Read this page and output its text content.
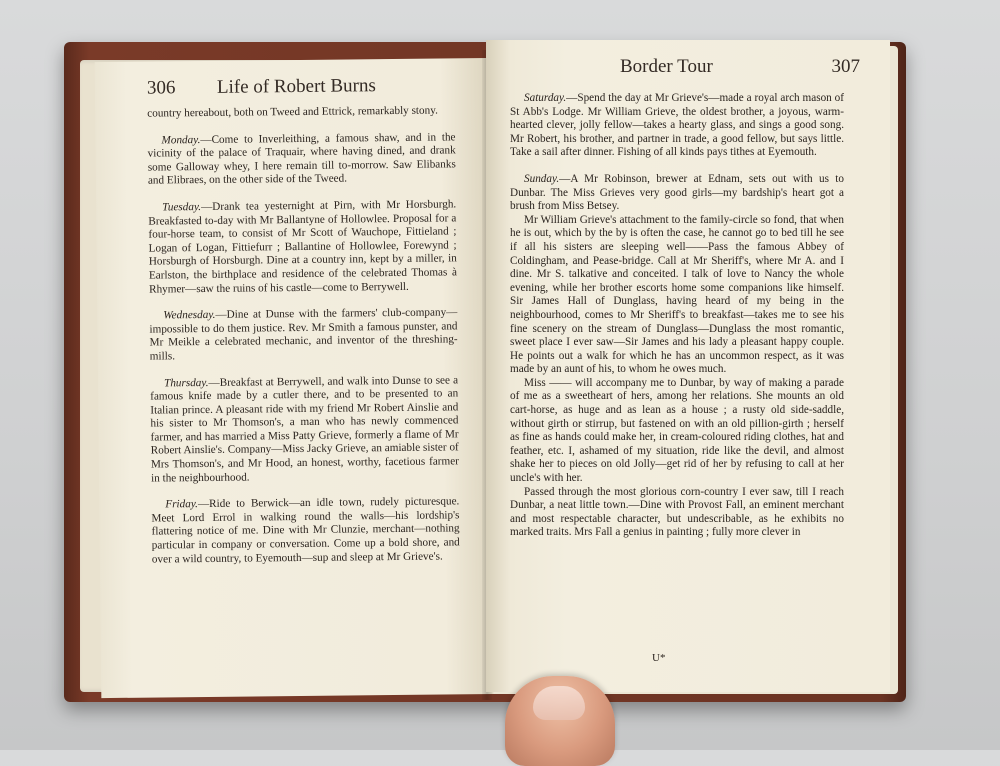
306 Life of Robert Burns

country hereabout, both on Tweed and Ettrick, remarkably stony.

Monday.—Come to Inverleithing, a famous shaw, and in the vicinity of the palace of Traquair, where having dined, and drank some Galloway whey, I here remain till to-morrow. Saw Elibanks and Elibraes, on the other side of the Tweed.

Tuesday.—Drank tea yesternight at Pirn, with Mr Horsburgh. Breakfasted to-day with Mr Ballantyne of Hollowlee. Proposal for a four-horse team, to consist of Mr Scott of Wauchope, Fittieland ; Logan of Logan, Fittiefurr ; Ballantine of Hollowlee, Forewynd ; Horsburgh of Horsburgh. Dine at a country inn, kept by a miller, in Earlston, the birthplace and residence of the celebrated Thomas à Rhymer—saw the ruins of his castle—come to Berrywell.

Wednesday.—Dine at Dunse with the farmers' club-company—impossible to do them justice. Rev. Mr Smith a famous punster, and Mr Meikle a celebrated mechanic, and inventor of the threshing-mills.

Thursday.—Breakfast at Berrywell, and walk into Dunse to see a famous knife made by a cutler there, and to be presented to an Italian prince. A pleasant ride with my friend Mr Robert Ainslie and his sister to Mr Thomson's, a man who has newly commenced farmer, and has married a Miss Patty Grieve, formerly a flame of Mr Robert Ainslie's. Company—Miss Jacky Grieve, an amiable sister of Mrs Thomson's, and Mr Hood, an honest, worthy, facetious farmer in the neighbourhood.

Friday.—Ride to Berwick—an idle town, rudely picturesque. Meet Lord Errol in walking round the walls—his lordship's flattering notice of me. Dine with Mr Clunzie, merchant—nothing particular in company or conversation. Come up a bold shore, and over a wild country, to Eyemouth—sup and sleep at Mr Grieve's.

Border Tour	307

Saturday.—Spend the day at Mr Grieve's—made a royal arch mason of St Abb's Lodge. Mr William Grieve, the oldest brother, a joyous, warm-hearted clever, jolly fellow—takes a hearty glass, and sings a good song. Mr Robert, his brother, and partner in trade, a good fellow, but says little. Take a sail after dinner. Fishing of all kinds pays tithes at Eyemouth.

Sunday.—A Mr Robinson, brewer at Ednam, sets out with us to Dunbar. The Miss Grieves very good girls—my bardship's heart got a brush from Miss Betsey.

Mr William Grieve's attachment to the family-circle so fond, that when he is out, which by the by is often the case, he cannot go to bed till he see if all his sisters are sleeping well——Pass the famous Abbey of Coldingham, and Pease-bridge. Call at Mr Sheriff's, where Mr A. and I dine. Mr S. talkative and conceited. I talk of love to Nancy the whole evening, while her brother escorts home some companions like himself. Sir James Hall of Dunglass, having heard of my being in the neighbourhood, comes to Mr Sheriff's to breakfast—takes me to see his fine scenery on the stream of Dunglass—Dunglass the most romantic, sweet place I ever saw—Sir James and his lady a pleasant happy couple. He points out a walk for which he has an uncommon respect, as it was made by an aunt of his, to whom he owes much.

Miss —— will accompany me to Dunbar, by way of making a parade of me as a sweetheart of hers, among her relations. She mounts an old cart-horse, as huge and as lean as a house ; a rusty old side-saddle, without girth or stirrup, but fastened on with an old pillion-girth ; herself as fine as hands could make her, in cream-coloured riding clothes, hat and feather, etc. I, ashamed of my situation, ride like the devil, and almost shake her to pieces on old Jolly—get rid of her by refusing to call at her uncle's with her.

Passed through the most glorious corn-country I ever saw, till I reach Dunbar, a neat little town.—Dine with Provost Fall, an eminent merchant and most respectable character, but undescribable, as he exhibits no marked traits. Mrs Fall a genius in painting ; fully more clever in

U*
